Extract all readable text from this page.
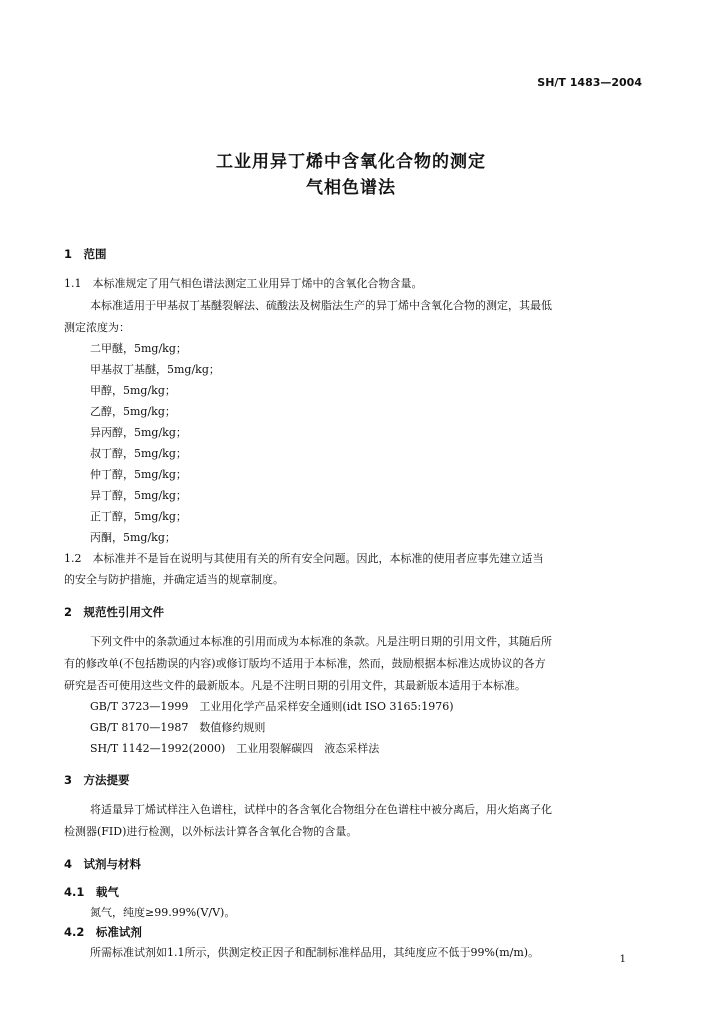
SH/T 1483—2004
工业用异丁烯中含氧化合物的测定
气相色谱法
1　范围
1.1　本标准规定了用气相色谱法测定工业用异丁烯中的含氧化合物含量。
本标准适用于甲基叔丁基醚裂解法、硫酸法及树脂法生产的异丁烯中含氧化合物的测定，其最低
测定浓度为：
二甲醚，5mg/kg；
甲基叔丁基醚，5mg/kg；
甲醇，5mg/kg；
乙醇，5mg/kg；
异丙醇，5mg/kg；
叔丁醇，5mg/kg；
仲丁醇，5mg/kg；
异丁醇，5mg/kg；
正丁醇，5mg/kg；
丙酮，5mg/kg；
1.2　本标准并不是旨在说明与其使用有关的所有安全问题。因此，本标准的使用者应事先建立适当
的安全与防护措施，并确定适当的规章制度。
2　规范性引用文件
下列文件中的条款通过本标准的引用而成为本标准的条款。凡是注明日期的引用文件，其随后所
有的修改单(不包括勘误的内容)或修订版均不适用于本标准，然而，鼓励根据本标准达成协议的各方
研究是否可使用这些文件的最新版本。凡是不注明日期的引用文件，其最新版本适用于本标准。
GB/T 3723—1999　工业用化学产品采样安全通则(idt ISO 3165:1976)
GB/T 8170—1987　数值修约规则
SH/T 1142—1992(2000)　工业用裂解碳四　液态采样法
3　方法提要
将适量异丁烯试样注入色谱柱，试样中的各含氧化合物组分在色谱柱中被分离后，用火焰离子化
检测器(FID)进行检测，以外标法计算各含氧化合物的含量。
4　试剂与材料
4.1　载气
氮气，纯度≥99.99%(V/V)。
4.2　标准试剂
所需标准试剂如1.1所示，供测定校正因子和配制标准样品用，其纯度应不低于99%(m/m)。
1
